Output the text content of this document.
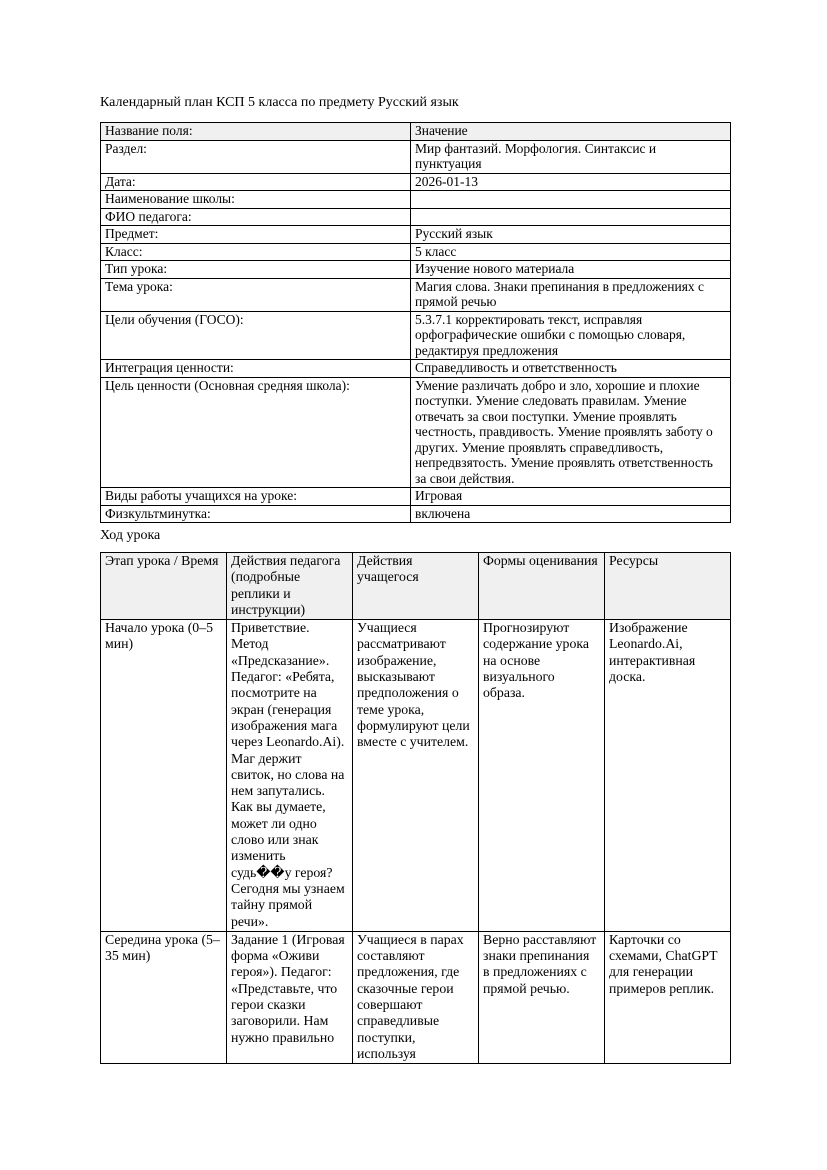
Календарный план КСП 5 класса по предмету Русский язык

Название поля:	Значение
Раздел:	Мир фантазий. Морфология. Синтаксис и пунктуация
Дата:	2026-01-13
Наименование школы:	
ФИО педагога:	
Предмет:	Русский язык
Класс:	5 класс
Тип урока:	Изучение нового материала
Тема урока:	Магия слова. Знаки препинания в предложениях с прямой речью
Цели обучения (ГОСО):	5.3.7.1 корректировать текст, исправляя орфографические ошибки с помощью словаря, редактируя предложения
Интеграция ценности:	Справедливость и ответственность
Цель ценности (Основная средняя школа):	Умение различать добро и зло, хорошие и плохие поступки. Умение следовать правилам. Умение отвечать за свои поступки. Умение проявлять честность, правдивость. Умение проявлять заботу о других. Умение проявлять справедливость, непредвзятость. Умение проявлять ответственность за свои действия.
Виды работы учащихся на уроке:	Игровая
Физкультминутка:	включена

Ход урока

Этап урока / Время	Действия педагога (подробные реплики и инструкции)	Действия учащегося	Формы оценивания	Ресурсы
Начало урока (0–5 мин)	Приветствие. Метод «Предсказание». Педагог: «Ребята, посмотрите на экран (генерация изображения мага через Leonardo.Ai). Маг держит свиток, но слова на нем запутались. Как вы думаете, может ли одно слово или знак изменить судь��у героя? Сегодня мы узнаем тайну прямой речи».	Учащиеся рассматривают изображение, высказывают предположения о теме урока, формулируют цели вместе с учителем.	Прогнозируют содержание урока на основе визуального образа.	Изображение Leonardo.Ai, интерактивная доска.
Середина урока (5–35 мин)	Задание 1 (Игровая форма «Оживи героя»). Педагог: «Представьте, что герои сказки заговорили. Нам нужно правильно	Учащиеся в парах составляют предложения, где сказочные герои совершают справедливые поступки, используя	Верно расставляют знаки препинания в предложениях с прямой речью.	Карточки со схемами, ChatGPT для генерации примеров реплик.
